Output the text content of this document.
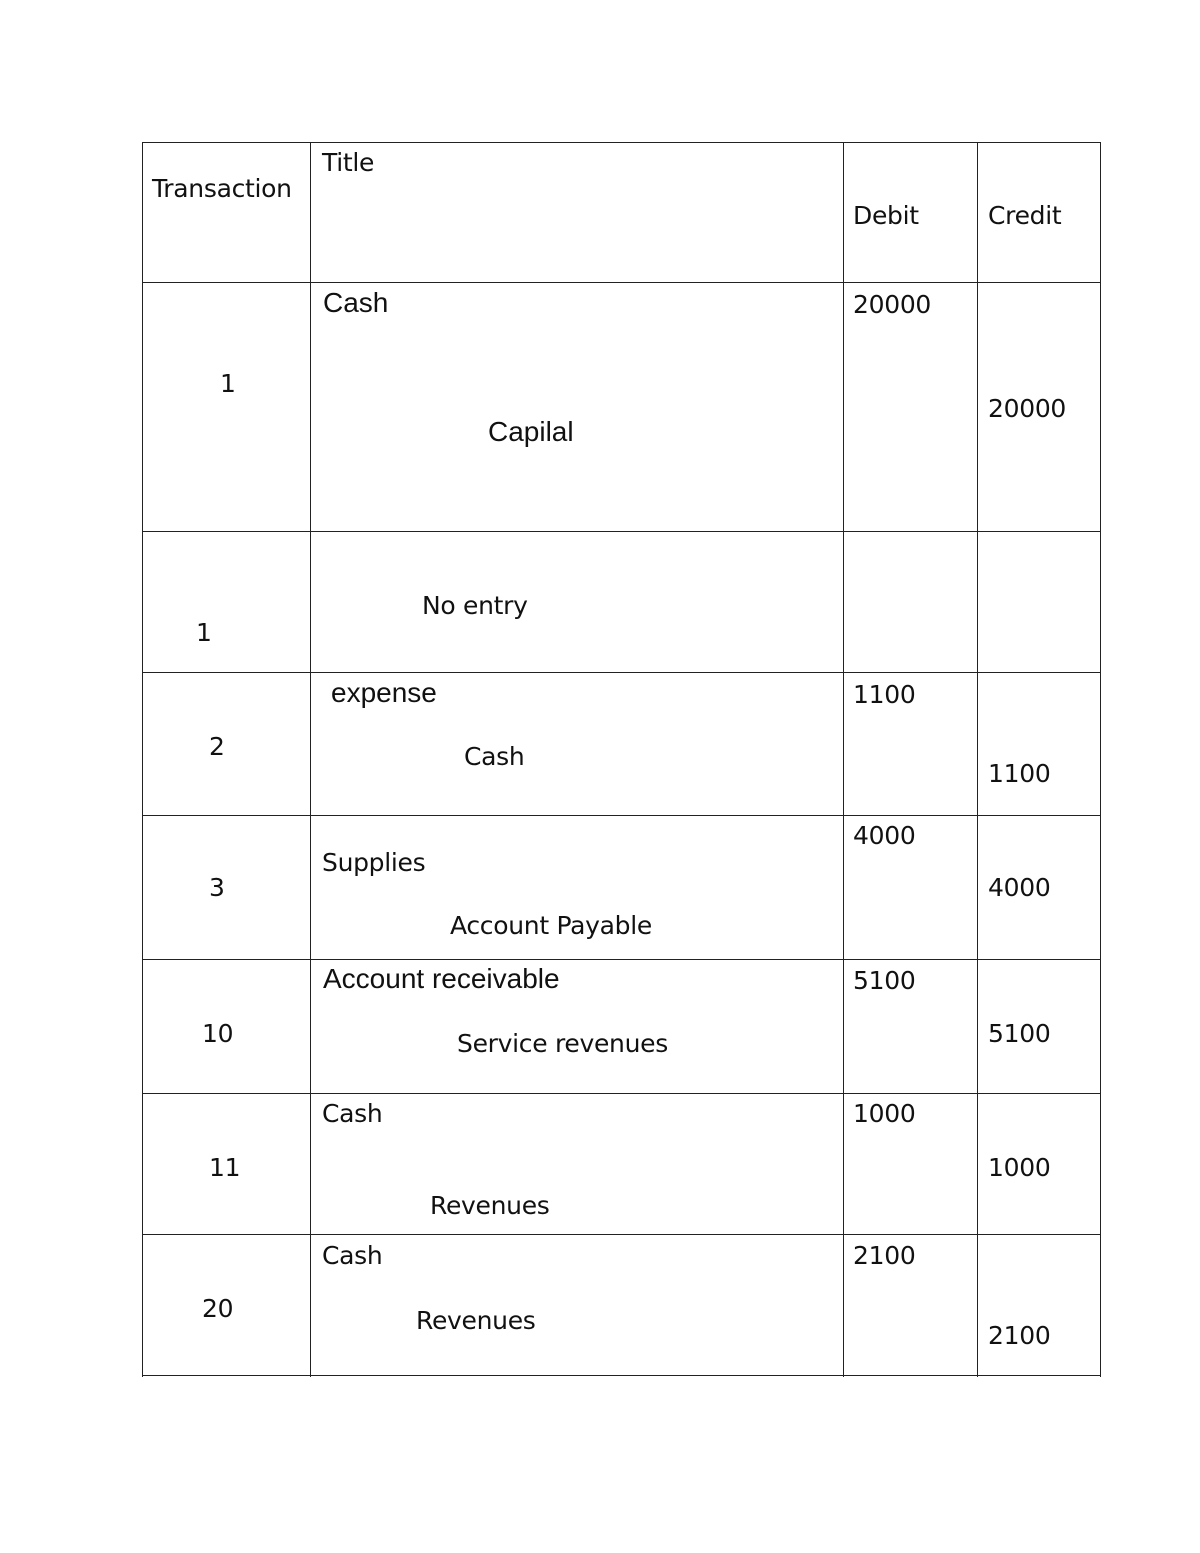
Transaction
Title
Debit	Credit
1
Cash
Capilal
20000
20000
1
No entry
2
expense
Cash
1100
1100
3
Supplies
Account Payable
4000
4000
10
Account receivable
Service revenues
5100
5100
11
Cash
Revenues
1000
1000
20
Cash
Revenues
2100
2100
